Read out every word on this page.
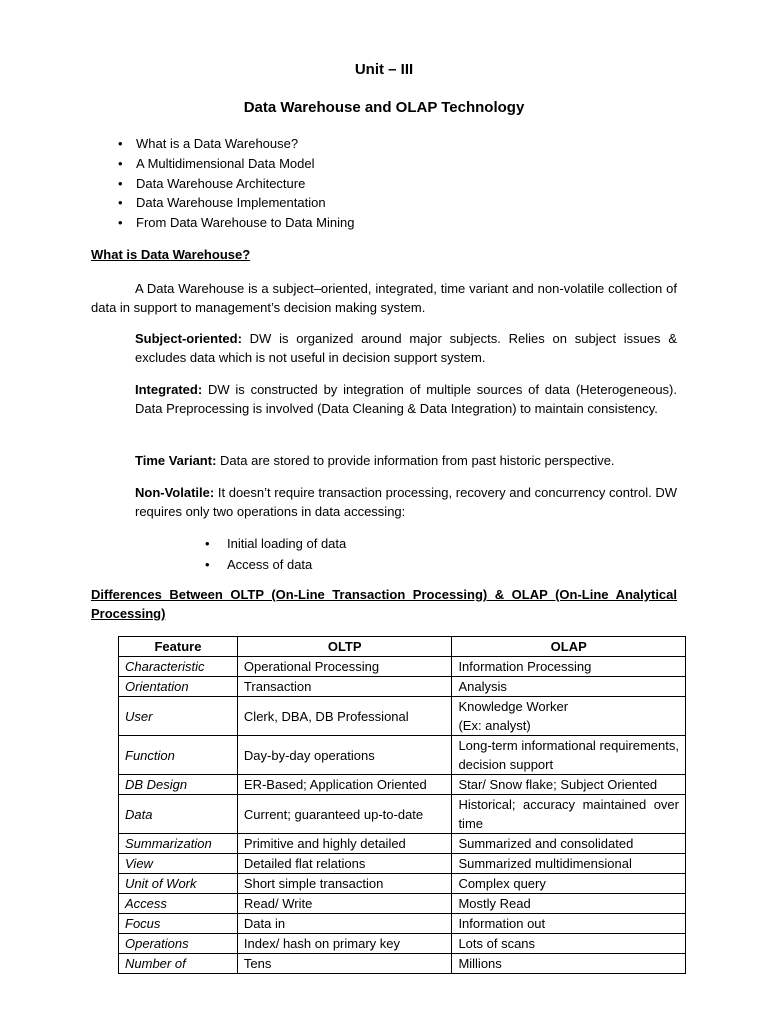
Unit – III
Data Warehouse and OLAP Technology
• What is a Data Warehouse?
• A Multidimensional Data Model
• Data Warehouse Architecture
• Data Warehouse Implementation
• From Data Warehouse to Data Mining
What is Data Warehouse?
A Data Warehouse is a subject–oriented, integrated, time variant and non-volatile collection of data in support to management’s decision making system.
Subject-oriented: DW is organized around major subjects. Relies on subject issues & excludes data which is not useful in decision support system.
Integrated: DW is constructed by integration of multiple sources of data (Heterogeneous). Data Preprocessing is involved (Data Cleaning & Data Integration) to maintain consistency.
Time Variant: Data are stored to provide information from past historic perspective.
Non-Volatile: It doesn’t require transaction processing, recovery and concurrency control. DW requires only two operations in data accessing:
• Initial loading of data
• Access of data
Differences Between OLTP (On-Line Transaction Processing) & OLAP (On-Line Analytical Processing)
Feature	OLTP	OLAP
Characteristic	Operational Processing	Information Processing
Orientation	Transaction	Analysis
User	Clerk, DBA, DB Professional	Knowledge Worker
(Ex: analyst)
Function	Day-by-day operations	Long-term informational requirements, decision support
DB Design	ER-Based; Application Oriented	Star/ Snow flake; Subject Oriented
Data	Current; guaranteed up-to-date	Historical; accuracy maintained over time
Summarization	Primitive and highly detailed	Summarized and consolidated
View	Detailed flat relations	Summarized multidimensional
Unit of Work	Short simple transaction	Complex query
Access	Read/ Write	Mostly Read
Focus	Data in	Information out
Operations	Index/ hash on primary key	Lots of scans
Number of	Tens	Millions
